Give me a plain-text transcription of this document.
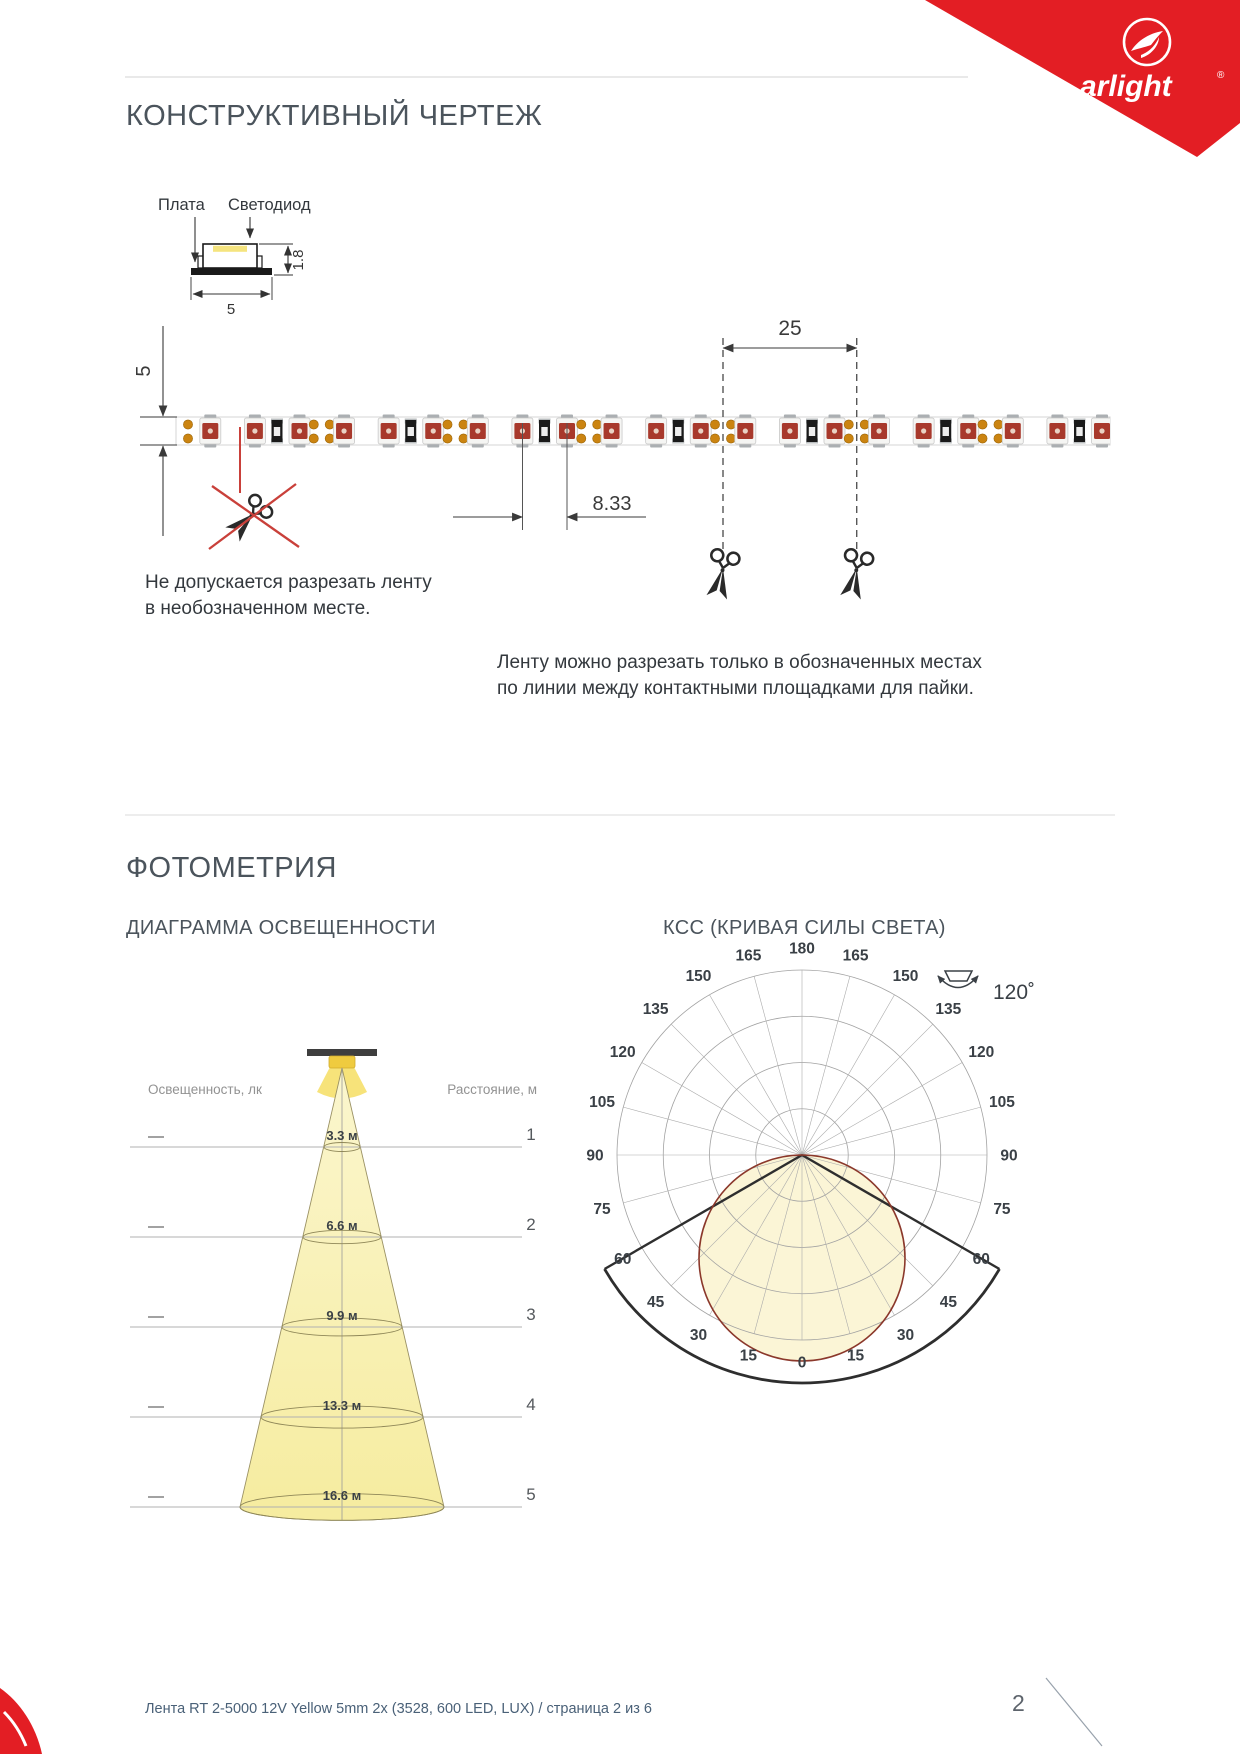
arlight	®
КОНСТРУКТИВНЫЙ ЧЕРТЕЖ
Плата Светодиод
1.8
5
5
25
8.33
Не допускается разрезать ленту
в необозначенном месте.
Ленту можно разрезать только в обозначенных местах
по линии между контактными площадками для пайки.
ФОТОМЕТРИЯ
ДИАГРАММА ОСВЕЩЕННОСТИ	КСС (КРИВАЯ СИЛЫ СВЕТА)
1
3.3 м
2
6.6 м
3
9.9 м
4
13.3 м
5
16.6 м
Освещенность, лк	Расстояние, м
0	15
15
30
30
45
45
60
60
75
75
90
90
105
105
120
120
135
135
150
150
165
165 180
120˚
Лента RT 2-5000 12V Yellow 5mm 2x (3528, 600 LED, LUX) / страница 2 из 6	2
